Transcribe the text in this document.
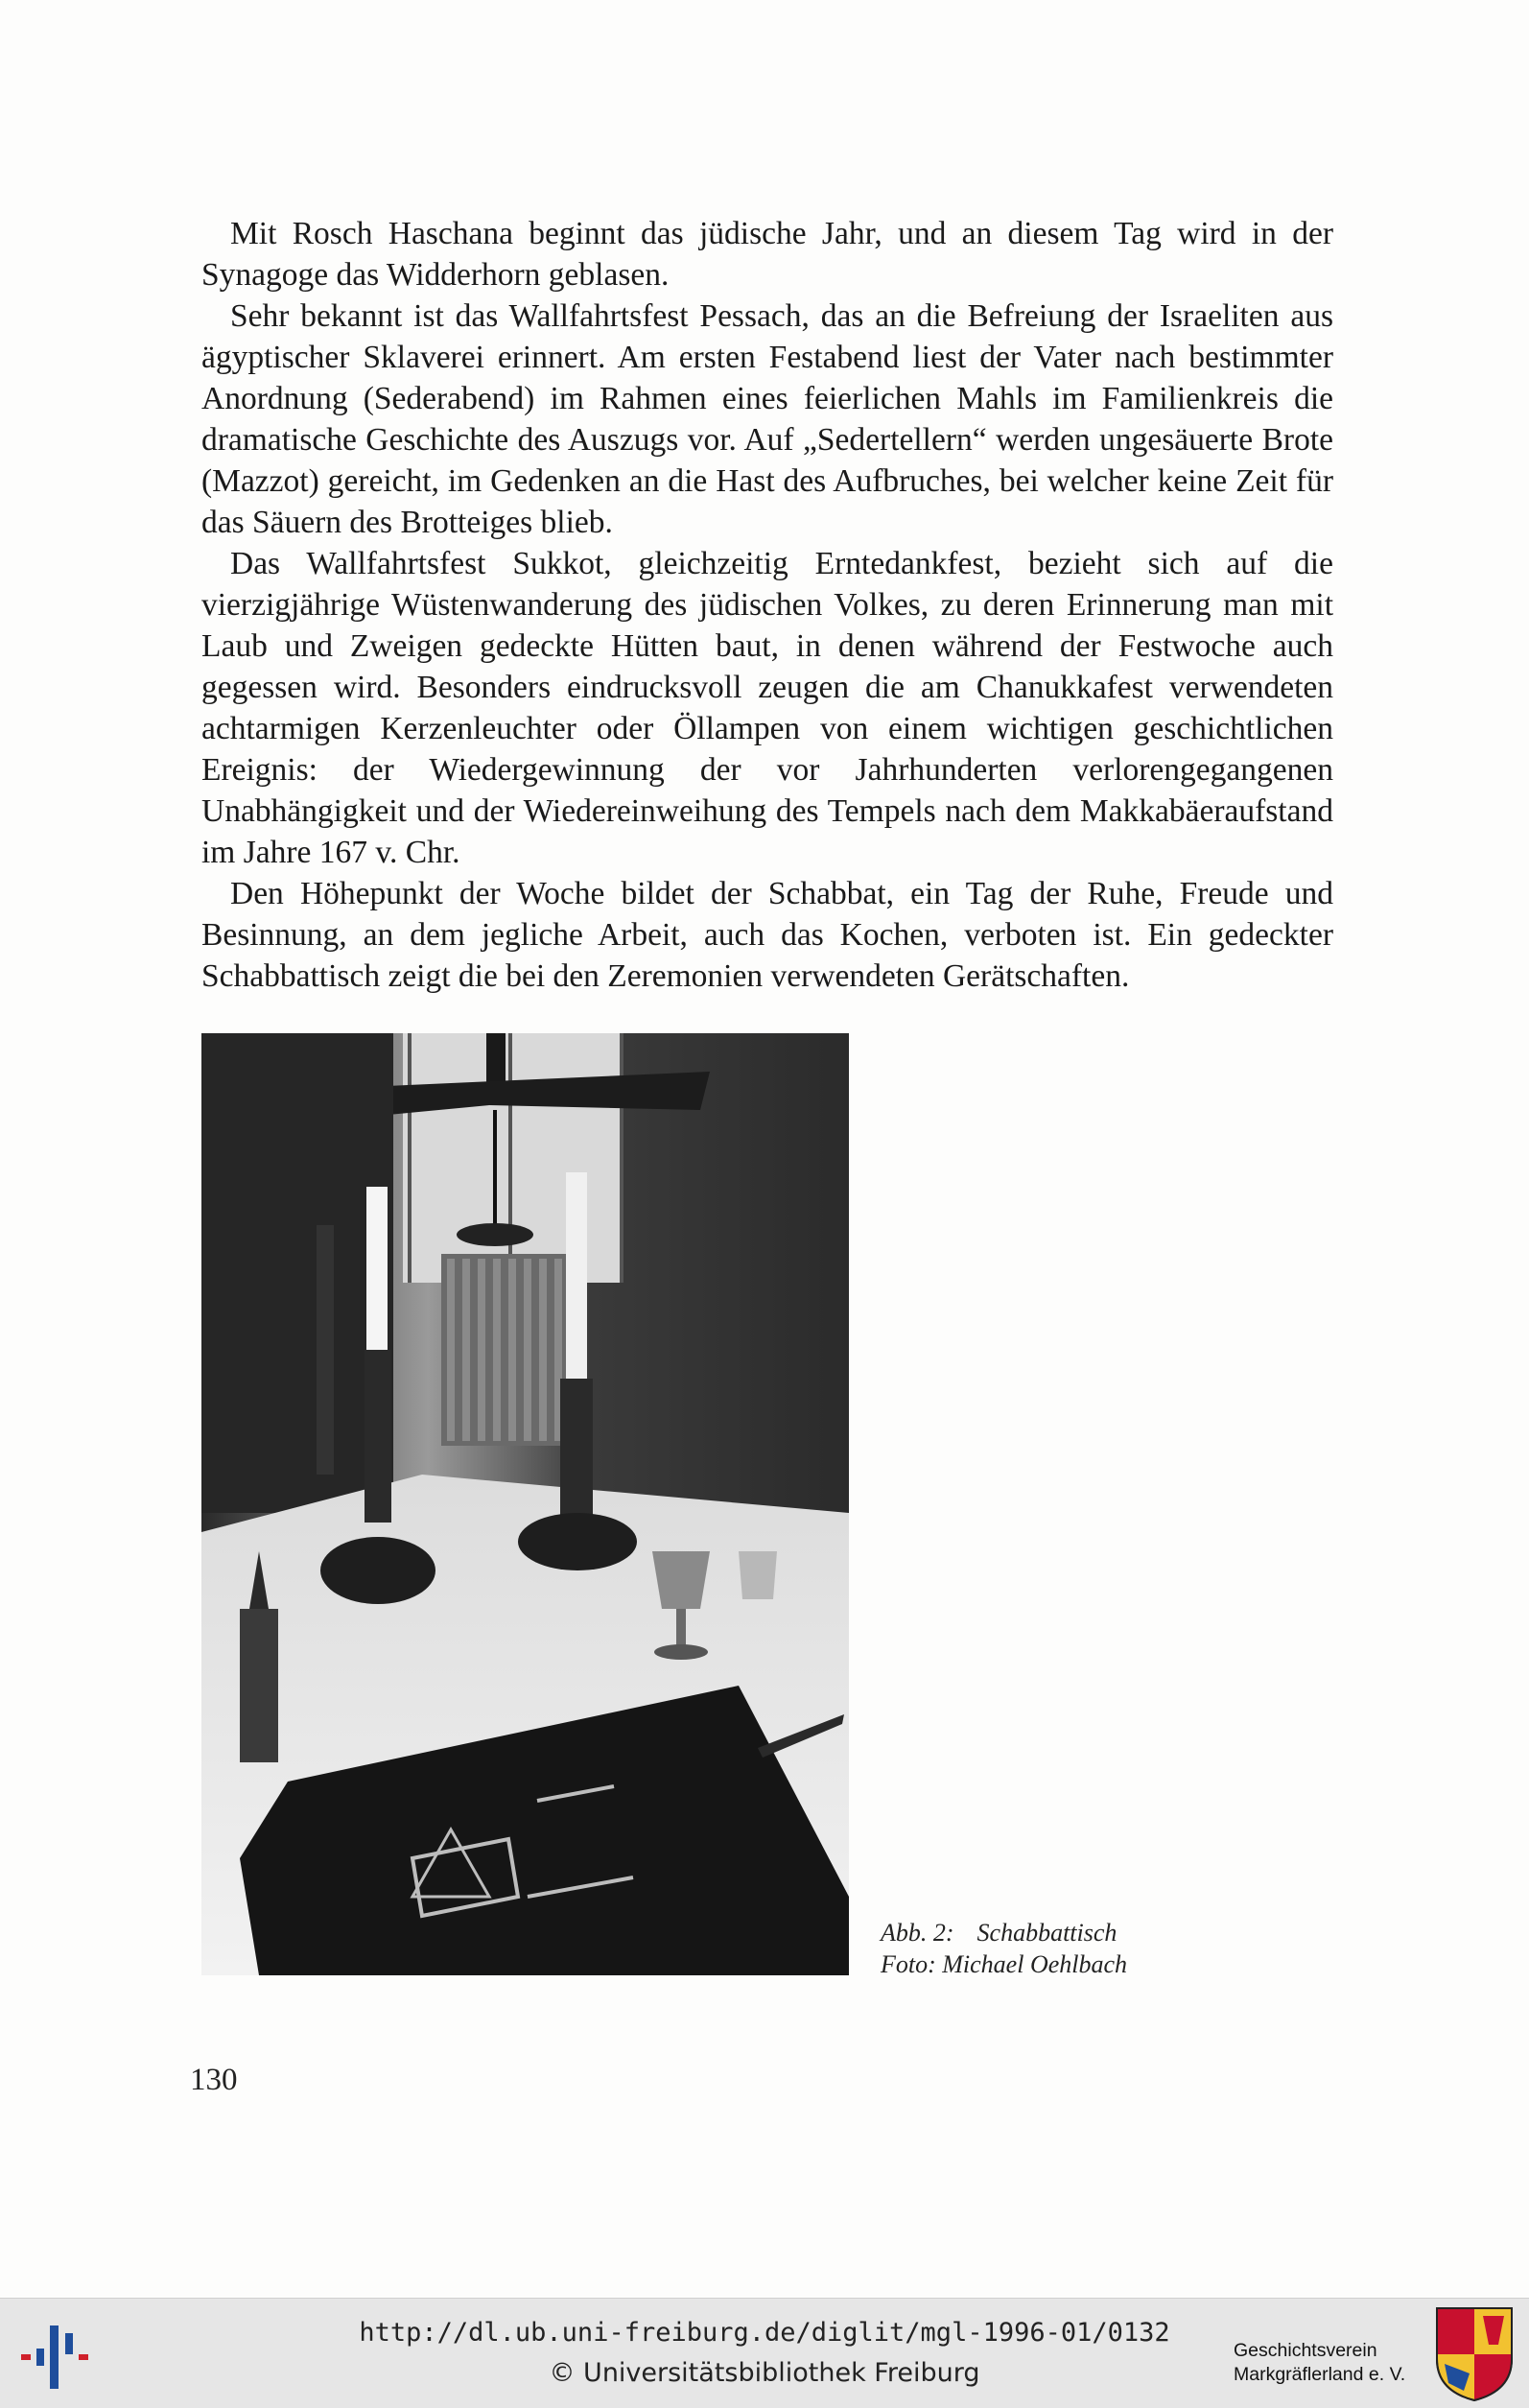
Mit Rosch Haschana beginnt das jüdische Jahr, und an diesem Tag wird in der Synagoge das Widderhorn geblasen.

Sehr bekannt ist das Wallfahrtsfest Pessach, das an die Befreiung der Israeliten aus ägyptischer Sklaverei erinnert. Am ersten Festabend liest der Vater nach bestimmter Anordnung (Sederabend) im Rahmen eines feierlichen Mahls im Familienkreis die dramatische Geschichte des Auszugs vor. Auf „Sedertellern“ werden ungesäuerte Brote (Mazzot) gereicht, im Gedenken an die Hast des Aufbruches, bei welcher keine Zeit für das Säuern des Brotteiges blieb.

Das Wallfahrtsfest Sukkot, gleichzeitig Erntedankfest, bezieht sich auf die vierzigjährige Wüstenwanderung des jüdischen Volkes, zu deren Erinnerung man mit Laub und Zweigen gedeckte Hütten baut, in denen während der Festwoche auch gegessen wird. Besonders eindrucksvoll zeugen die am Chanukkafest verwendeten achtarmigen Kerzenleuchter oder Öllampen von einem wichtigen geschichtlichen Ereignis: der Wiedergewinnung der vor Jahrhunderten verlorengegangenen Unabhängigkeit und der Wiedereinweihung des Tempels nach dem Makkabäeraufstand im Jahre 167 v. Chr.

Den Höhepunkt der Woche bildet der Schabbat, ein Tag der Ruhe, Freude und Besinnung, an dem jegliche Arbeit, auch das Kochen, verboten ist. Ein gedeckter Schabbattisch zeigt die bei den Zeremonien verwendeten Gerätschaften.

Abb. 2: Schabbattisch
Foto: Michael Oehlbach
130
http://dl.ub.uni-freiburg.de/diglit/mgl-1996-01/0132
© Universitätsbibliothek Freiburg
Geschichtsverein
Markgräflerland e. V.
